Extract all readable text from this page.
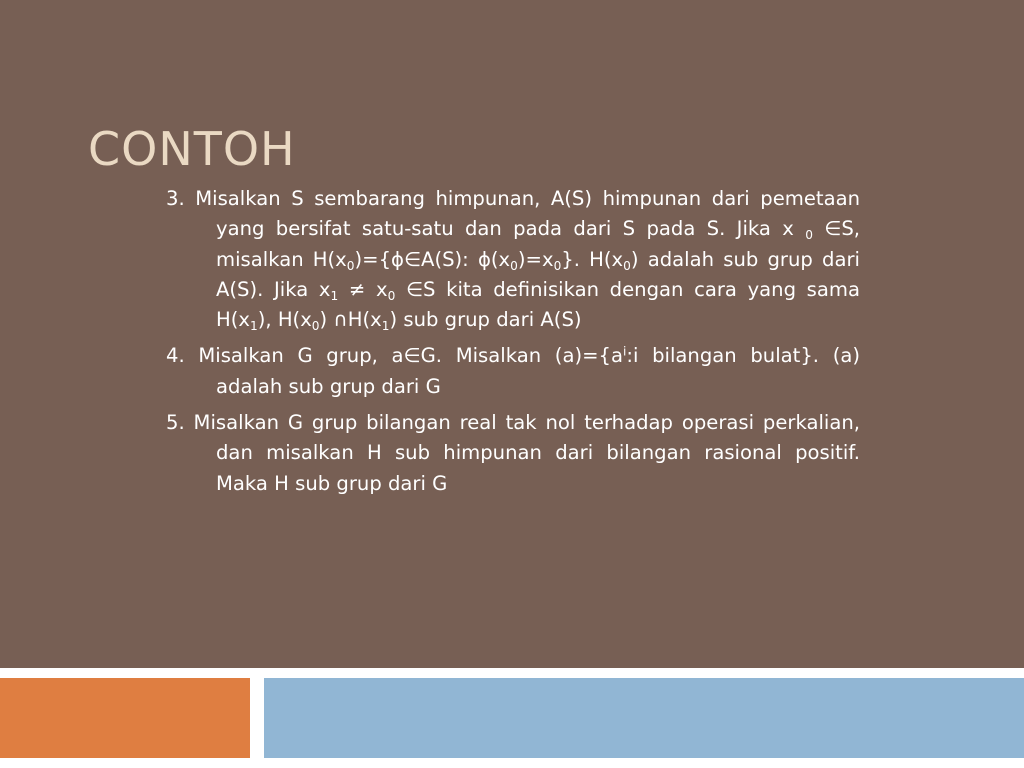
CONTOH

3. Misalkan S sembarang himpunan, A(S) himpunan dari pemetaan yang bersifat satu-satu dan pada dari S pada S. Jika x $_0$ ∈S, misalkan $H(x_0)=\{\phi\in A(S)$: $\phi(x_0)=x_0$}. $H(x_0)$ adalah sub grup dari A(S). Jika $x_1 \ne x_0$ ∈S kita definisikan dengan cara yang sama $H(x_1)$, $H(x_0)$ $\cap H(x_1)$ sub grup dari A(S)

4. Misalkan G grup, a∈G. Misalkan $(a)=\{a^i:i$ bilangan bulat}. (a) adalah sub grup dari G

5. Misalkan G grup bilangan real tak nol terhadap operasi perkalian, dan misalkan H sub himpunan dari bilangan rasional positif. Maka H sub grup dari G
